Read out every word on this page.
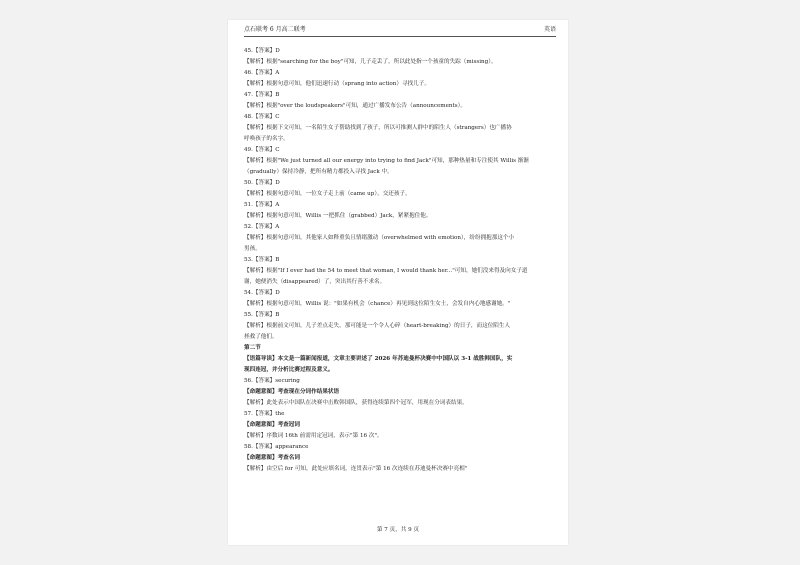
点石联考 6 月高二联考	英语
45.【答案】D
【解析】根据"searching for the boy"可知，儿子走丢了，所以此处指一个孩童的失踪（missing）。
46.【答案】A
【解析】根据句意可知，他们迅速行动（sprang into action）寻找儿子。
47.【答案】B
【解析】根据"over the loudspeakers"可知，通过广播发布公告（announcements）。
48.【答案】C
【解析】根据下文可知，一名陌生女子帮助找到了孩子，所以可推测人群中的陌生人（strangers）也广播协
呼唤孩子的名字。
49.【答案】C
【解析】根据"We just turned all our energy into trying to find Jack"可知，那种热量和专注使其 Willis 渐渐
（gradually）保持冷静，把所有精力都投入寻找 Jack 中。
50.【答案】D
【解析】根据句意可知，一位女子走上前（came up），交还孩子。
51.【答案】A
【解析】根据句意可知，Willis 一把抓住（grabbed）Jack，紧紧抱住他。
52.【答案】A
【解析】根据句意可知，其他家人如释重负且情绪激动（overwhelmed with emotion），纷纷拥抱那这个小
男孩。
53.【答案】B
【解析】根据"If I ever had the 54 to meet that woman, I would thank her..."可知，她们没来得及向女子道
谢，她便消失（disappeared）了，突出其行善不求名。
54.【答案】D
【解析】根据句意可知，Willis 说："如果有机会（chance）再见到这位陌生女士，会发自内心地感谢她。"
55.【答案】B
【解析】根据前文可知，儿子差点走失，那可能是一个令人心碎（heart-breaking）的日子，而这位陌生人
拯救了他们。
第二节
【语篇导读】本文是一篇新闻报道，文章主要讲述了 2026 年苏迪曼杯决赛中中国队以 3-1 战胜韩国队，实
现四连冠，并分析比赛过程及意义。
56.【答案】securing
【命题意图】考查现在分词作结果状语
【解析】此处表示中国队在决赛中击败韩国队，获得连续第四个冠军，用现在分词表结果。
57.【答案】the
【命题意图】考查冠词
【解析】序数词 16th 前需用定冠词，表示"第 16 次"。
58.【答案】appearance
【命题意图】考查名词
【解析】由空后 for 可知，此处应填名词，连贯表示"第 16 次连续在苏迪曼杯决赛中亮相"
第 7 页，共 9 页
